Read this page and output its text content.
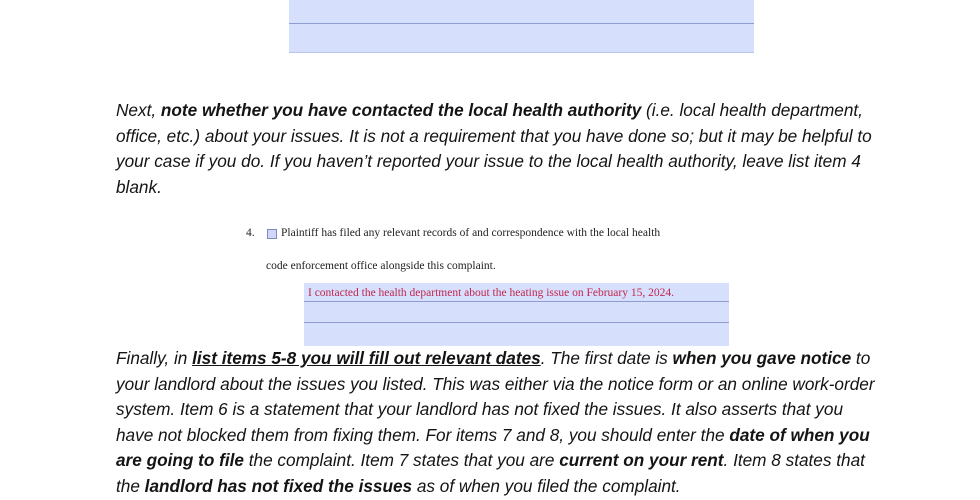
Next, note whether you have contacted the local health authority (i.e. local health department, office, etc.) about your issues. It is not a requirement that you have done so; but it may be helpful to your case if you do. If you haven’t reported your issue to the local health authority, leave list item 4 blank.

4. Plaintiff has filed any relevant records of and correspondence with the local health
code enforcement office alongside this complaint.
I contacted the health department about the heating issue on February 15, 2024.

Finally, in list items 5-8 you will fill out relevant dates. The first date is when you gave notice to your landlord about the issues you listed. This was either via the notice form or an online work-order system. Item 6 is a statement that your landlord has not fixed the issues. It also asserts that you have not blocked them from fixing them. For items 7 and 8, you should enter the date of when you are going to file the complaint. Item 7 states that you are current on your rent. Item 8 states that the landlord has not fixed the issues as of when you filed the complaint.
